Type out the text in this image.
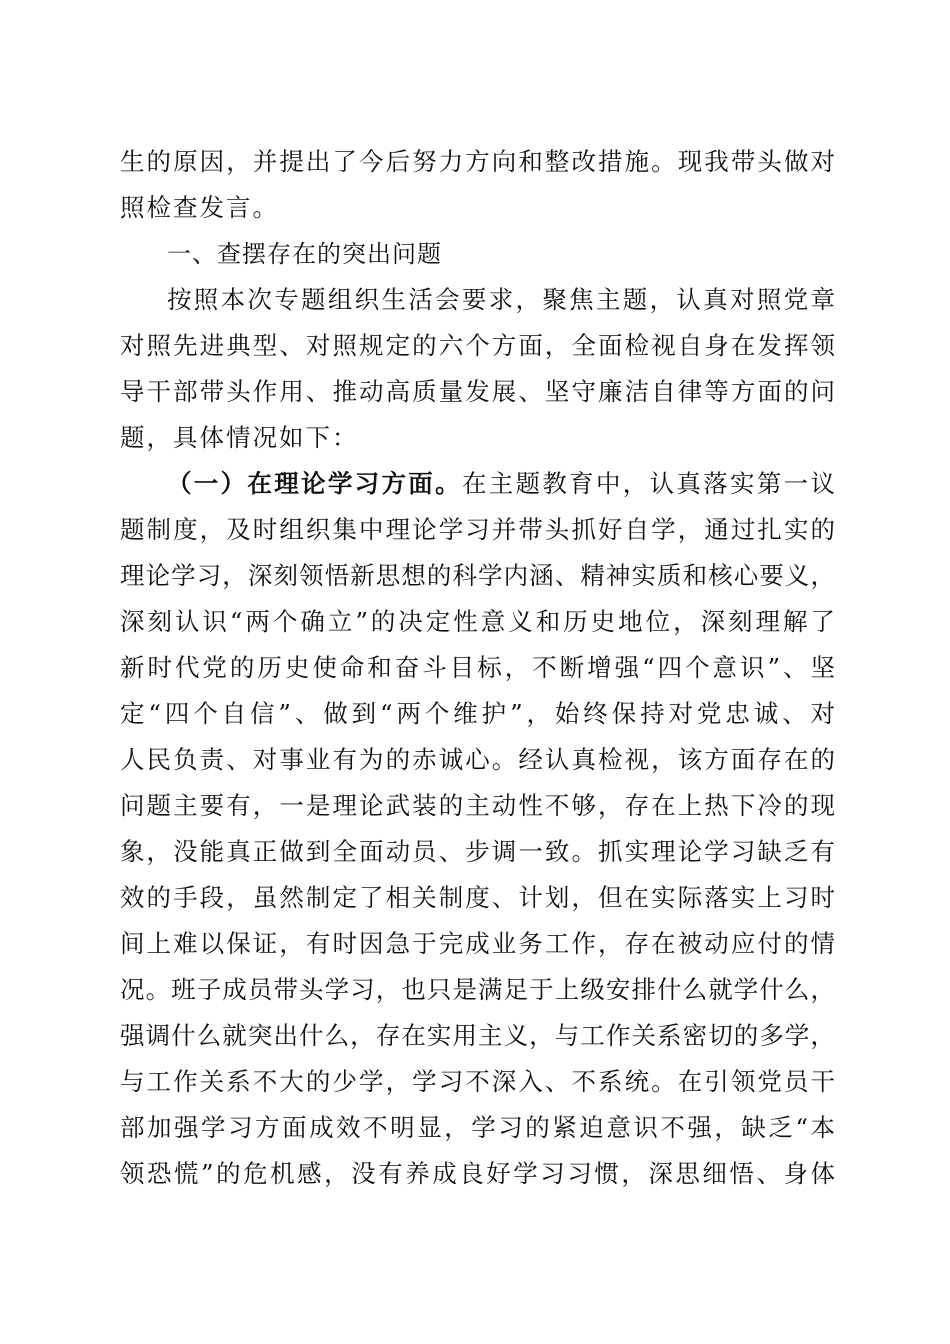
生的原因，并提出了今后努力方向和整改措施。现我带头做对
照检查发言。
一、查摆存在的突出问题
按照本次专题组织生活会要求，聚焦主题，认真对照党章
对照先进典型、对照规定的六个方面，全面检视自身在发挥领
导干部带头作用、推动高质量发展、坚守廉洁自律等方面的问
题，具体情况如下：
（一）在理论学习方面。在主题教育中，认真落实第一议
题制度，及时组织集中理论学习并带头抓好自学，通过扎实的
理论学习，深刻领悟新思想的科学内涵、精神实质和核心要义，
深刻认识“两个确立”的决定性意义和历史地位，深刻理解了
新时代党的历史使命和奋斗目标，不断增强“四个意识”、坚
定“四个自信”、做到“两个维护”，始终保持对党忠诚、对
人民负责、对事业有为的赤诚心。经认真检视，该方面存在的
问题主要有，一是理论武装的主动性不够，存在上热下冷的现
象，没能真正做到全面动员、步调一致。抓实理论学习缺乏有
效的手段，虽然制定了相关制度、计划，但在实际落实上习时
间上难以保证，有时因急于完成业务工作，存在被动应付的情
况。班子成员带头学习，也只是满足于上级安排什么就学什么，
强调什么就突出什么，存在实用主义，与工作关系密切的多学，
与工作关系不大的少学，学习不深入、不系统。在引领党员干
部加强学习方面成效不明显，学习的紧迫意识不强，缺乏“本
领恐慌”的危机感，没有养成良好学习习惯，深思细悟、身体
